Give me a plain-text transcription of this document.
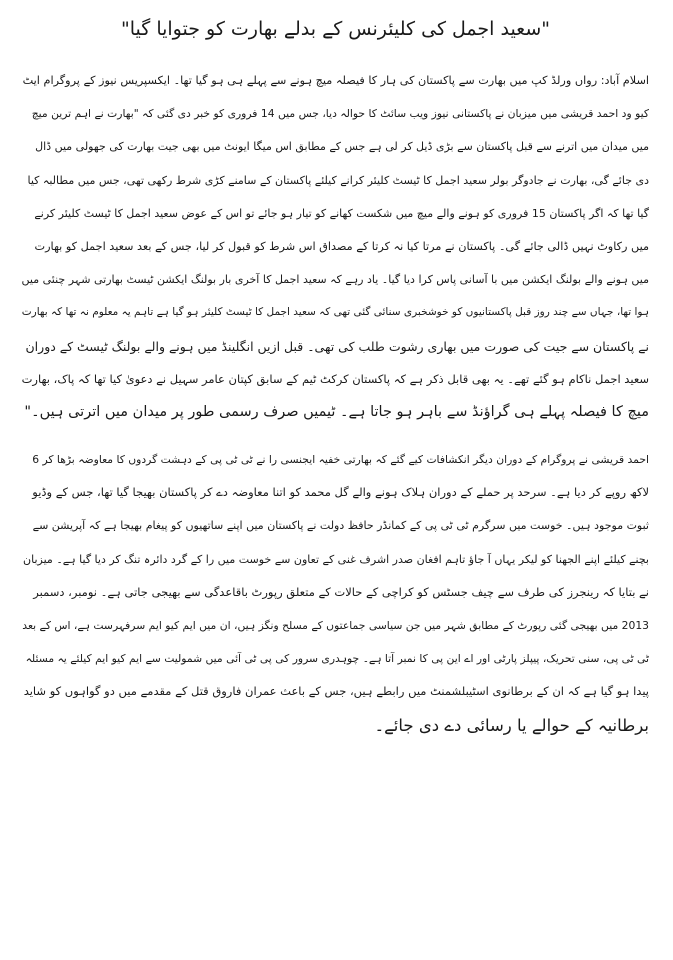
"سعید اجمل کی کلیئرنس کے بدلے بھارت کو جتوایا گیا"
اسلام آباد: رواں ورلڈ کپ میں بھارت سے پاکستان کی ہار کا فیصلہ میچ ہونے سے پہلے ہی ہو گیا تھا۔ ایکسپریس نیوز کے پروگرام ایٹ
کیو ود احمد قریشی میں میزبان نے پاکستانی نیوز ویب سائٹ کا حوالہ دیا، جس میں 14 فروری کو خبر دی گئی کہ "بھارت نے اہم ترین میچ
میں میدان میں اترنے سے قبل پاکستان سے بڑی ڈیل کر لی ہے جس کے مطابق اس میگا ایونٹ میں بھی جیت بھارت کی جھولی میں ڈال
دی جائے گی، بھارت نے جادوگر بولر سعید اجمل کا ٹیسٹ کلیئر کرانے کیلئے پاکستان کے سامنے کڑی شرط رکھی تھی، جس میں مطالبہ کیا
گیا تھا کہ اگر پاکستان 15 فروری کو ہونے والے میچ میں شکست کھانے کو تیار ہو جائے تو اس کے عوض سعید اجمل کا ٹیسٹ کلیئر کرنے
میں رکاوٹ نہیں ڈالی جائے گی۔ پاکستان نے مرتا کیا نہ کرتا کے مصداق اس شرط کو قبول کر لیا، جس کے بعد سعید اجمل کو بھارت
میں ہونے والے بولنگ ایکشن میں با آسانی پاس کرا دیا گیا۔ یاد رہے کہ سعید اجمل کا آخری بار بولنگ ایکشن ٹیسٹ بھارتی شہر چنئی میں
ہوا تھا، جہاں سے چند روز قبل پاکستانیوں کو خوشخبری سنائی گئی تھی کہ سعید اجمل کا ٹیسٹ کلیئر ہو گیا ہے تاہم یہ معلوم نہ تھا کہ بھارت
نے پاکستان سے جیت کی صورت میں بھاری رشوت طلب کی تھی۔ قبل ازیں انگلینڈ میں ہونے والے بولنگ ٹیسٹ کے دوران
سعید اجمل ناکام ہو گئے تھے۔ یہ بھی قابل ذکر ہے کہ پاکستان کرکٹ ٹیم کے سابق کپتان عامر سہیل نے دعویٰ کیا تھا کہ پاک، بھارت
میچ کا فیصلہ پہلے ہی گراؤنڈ سے باہر ہو جاتا ہے۔ ٹیمیں صرف رسمی طور پر میدان میں اترتی ہیں۔"
احمد قریشی نے پروگرام کے دوران دیگر انکشافات کیے گئے کہ بھارتی خفیہ ایجنسی را نے ٹی ٹی پی کے دہشت گردوں کا معاوضہ بڑھا کر 6
لاکھ روپے کر دیا ہے۔ سرحد پر حملے کے دوران ہلاک ہونے والے گل محمد کو اتنا معاوضہ دے کر پاکستان بھیجا گیا تھا، جس کے وڈیو
ثبوت موجود ہیں۔ خوست میں سرگرم ٹی ٹی پی کے کمانڈر حافظ دولت نے پاکستان میں اپنے ساتھیوں کو پیغام بھیجا ہے کہ آپریشن سے
بچنے کیلئے اپنے الجھنا کو لیکر یہاں آ جاؤ تاہم افغان صدر اشرف غنی کے تعاون سے خوست میں را کے گرد دائرہ تنگ کر دیا گیا ہے۔ میزبان
نے بتایا کہ رینجرز کی طرف سے چیف جسٹس کو کراچی کے حالات کے متعلق رپورٹ باقاعدگی سے بھیجی جاتی ہے۔ نومبر، دسمبر
2013 میں بھیجی گئی رپورٹ کے مطابق شہر میں جن سیاسی جماعتوں کے مسلح ونگز ہیں، ان میں ایم کیو ایم سرفہرست ہے، اس کے بعد
ٹی ٹی پی، سنی تحریک، پیپلز پارٹی اور اے این پی کا نمبر آتا ہے۔ چوہدری سرور کی پی ٹی آئی میں شمولیت سے ایم کیو ایم کیلئے یہ مسئلہ
پیدا ہو گیا ہے کہ ان کے برطانوی اسٹیبلشمنٹ میں رابطے ہیں، جس کے باعث عمران فاروق قتل کے مقدمے میں دو گواہوں کو شاید
برطانیہ کے حوالے یا رسائی دے دی جائے۔
